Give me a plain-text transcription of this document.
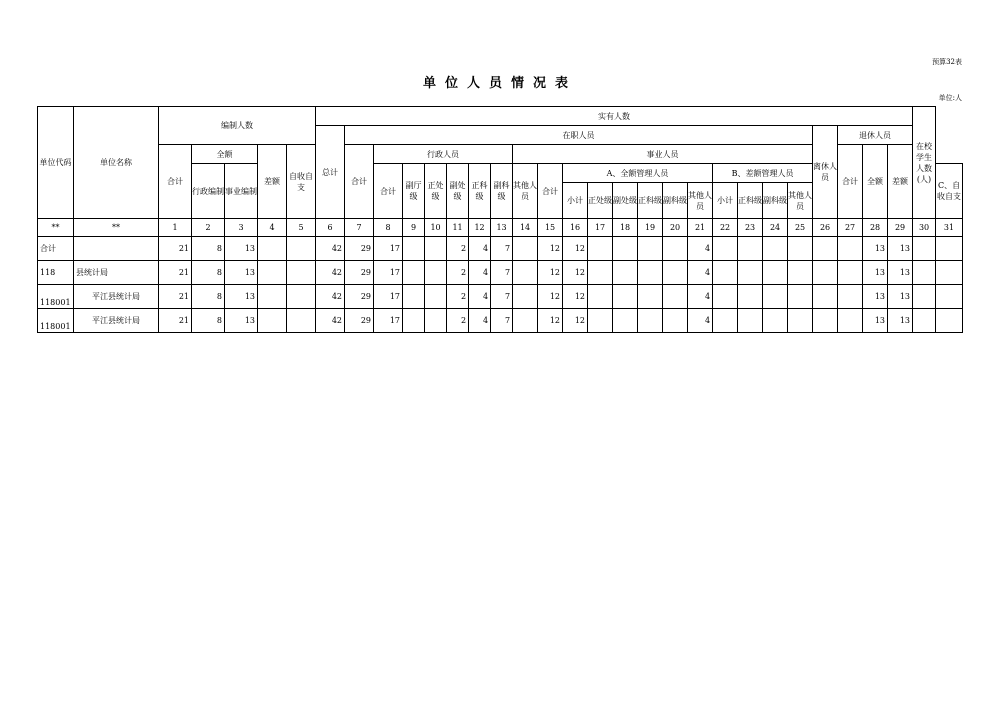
预算32表
单位人员情况表
单位:人
单位代码	单位名称	编制人数					实有人数																								在校学生人数(人)	
							总计	在职人员																			离休人员	退休人员				
		合计	全额		差额	自收自支		合计	行政人员						事业人员													合计	全额	差额		
			行政编制	事业编制					合计	副厅级	正处级	副处级	正科级	副科级	其他人员	合计	A、全额管理人员						B、差额管理人员									C、自收自支
																	小计	正处级	副处级	正科级	副科级	其他人员	小计	正科级	副科级	其他人员						
**	**	1	2	3	4	5	6	7	8	9	10	11	12	13	14	15	16	17	18	19	20	21	22	23	24	25	26	27	28	29	30	31
合计		21	8	13			42	29	17			2	4	7		12	12					4							13	13		
118	县统计局	21	8	13			42	29	17			2	4	7		12	12					4							13	13		
118001	平江县统计局	21	8	13			42	29	17			2	4	7		12	12					4							13	13		
118001	平江县统计局	21	8	13			42	29	17			2	4	7		12	12					4							13	13		
